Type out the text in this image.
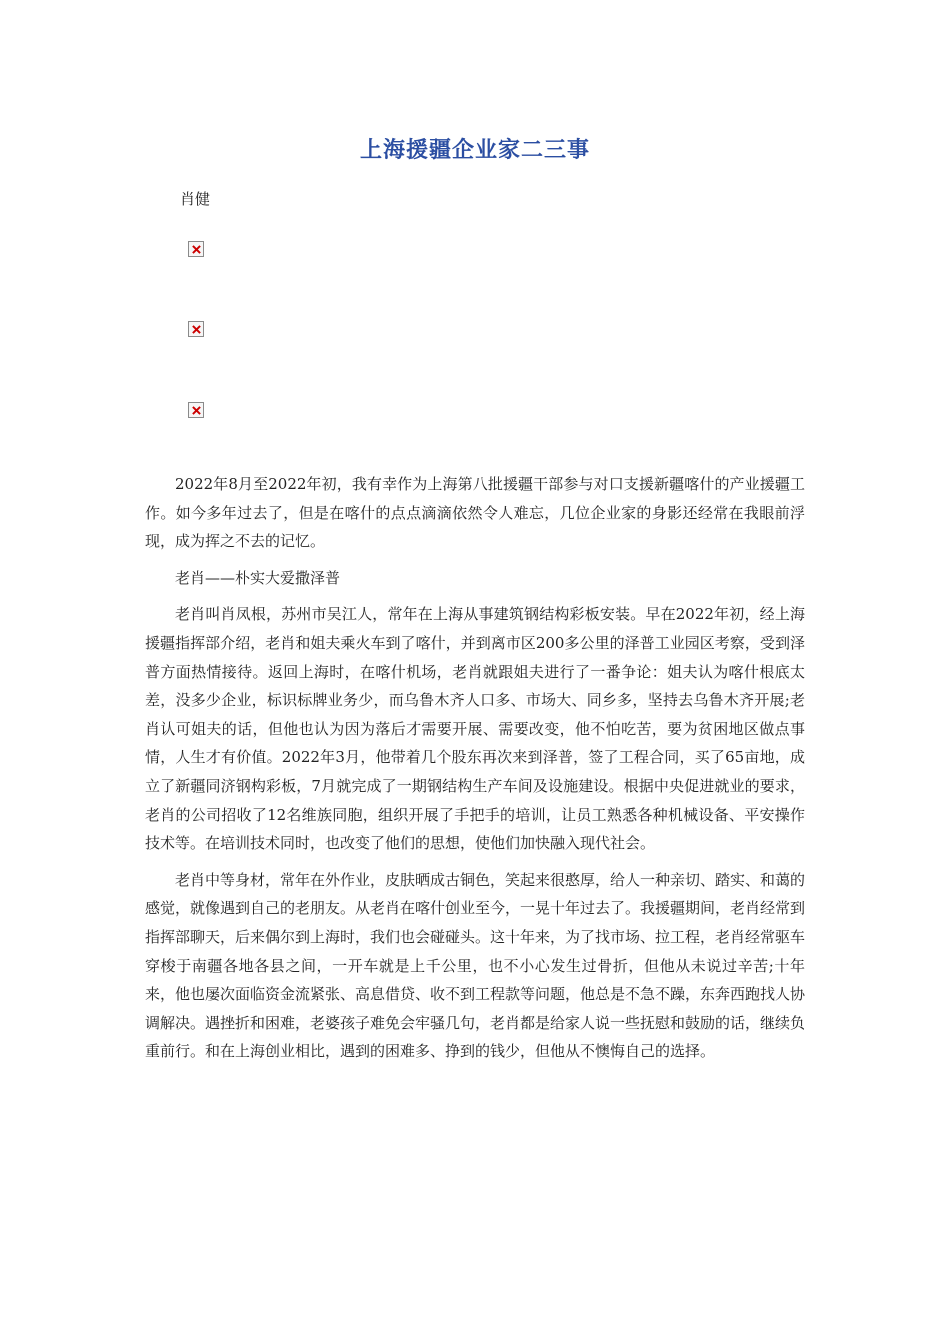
上海援疆企业家二三事
肖健

2022年8月至2022年初，我有幸作为上海第八批援疆干部参与对口支援新疆喀什的产业援疆工作。如今多年过去了，但是在喀什的点点滴滴依然令人难忘，几位企业家的身影还经常在我眼前浮现，成为挥之不去的记忆。

老肖——朴实大爱撒泽普

老肖叫肖凤根，苏州市吴江人，常年在上海从事建筑钢结构彩板安装。早在2022年初，经上海援疆指挥部介绍，老肖和姐夫乘火车到了喀什，并到离市区200多公里的泽普工业园区考察，受到泽普方面热情接待。返回上海时，在喀什机场，老肖就跟姐夫进行了一番争论：姐夫认为喀什根底太差，没多少企业，标识标牌业务少，而乌鲁木齐人口多、市场大、同乡多，坚持去乌鲁木齐开展;老肖认可姐夫的话，但他也认为因为落后才需要开展、需要改变，他不怕吃苦，要为贫困地区做点事情，人生才有价值。2022年3月，他带着几个股东再次来到泽普，签了工程合同，买了65亩地，成立了新疆同济钢构彩板，7月就完成了一期钢结构生产车间及设施建设。根据中央促进就业的要求，老肖的公司招收了12名维族同胞，组织开展了手把手的培训，让员工熟悉各种机械设备、平安操作技术等。在培训技术同时，也改变了他们的思想，使他们加快融入现代社会。

老肖中等身材，常年在外作业，皮肤晒成古铜色，笑起来很憨厚，给人一种亲切、踏实、和蔼的感觉，就像遇到自己的老朋友。从老肖在喀什创业至今，一晃十年过去了。我援疆期间，老肖经常到指挥部聊天，后来偶尔到上海时，我们也会碰碰头。这十年来，为了找市场、拉工程，老肖经常驱车穿梭于南疆各地各县之间，一开车就是上千公里，也不小心发生过骨折，但他从未说过辛苦;十年来，他也屡次面临资金流紧张、高息借贷、收不到工程款等问题，他总是不急不躁，东奔西跑找人协调解决。遇挫折和困难，老婆孩子难免会牢骚几句，老肖都是给家人说一些抚慰和鼓励的话，继续负重前行。和在上海创业相比，遇到的困难多、挣到的钱少，但他从不懊悔自己的选择。
